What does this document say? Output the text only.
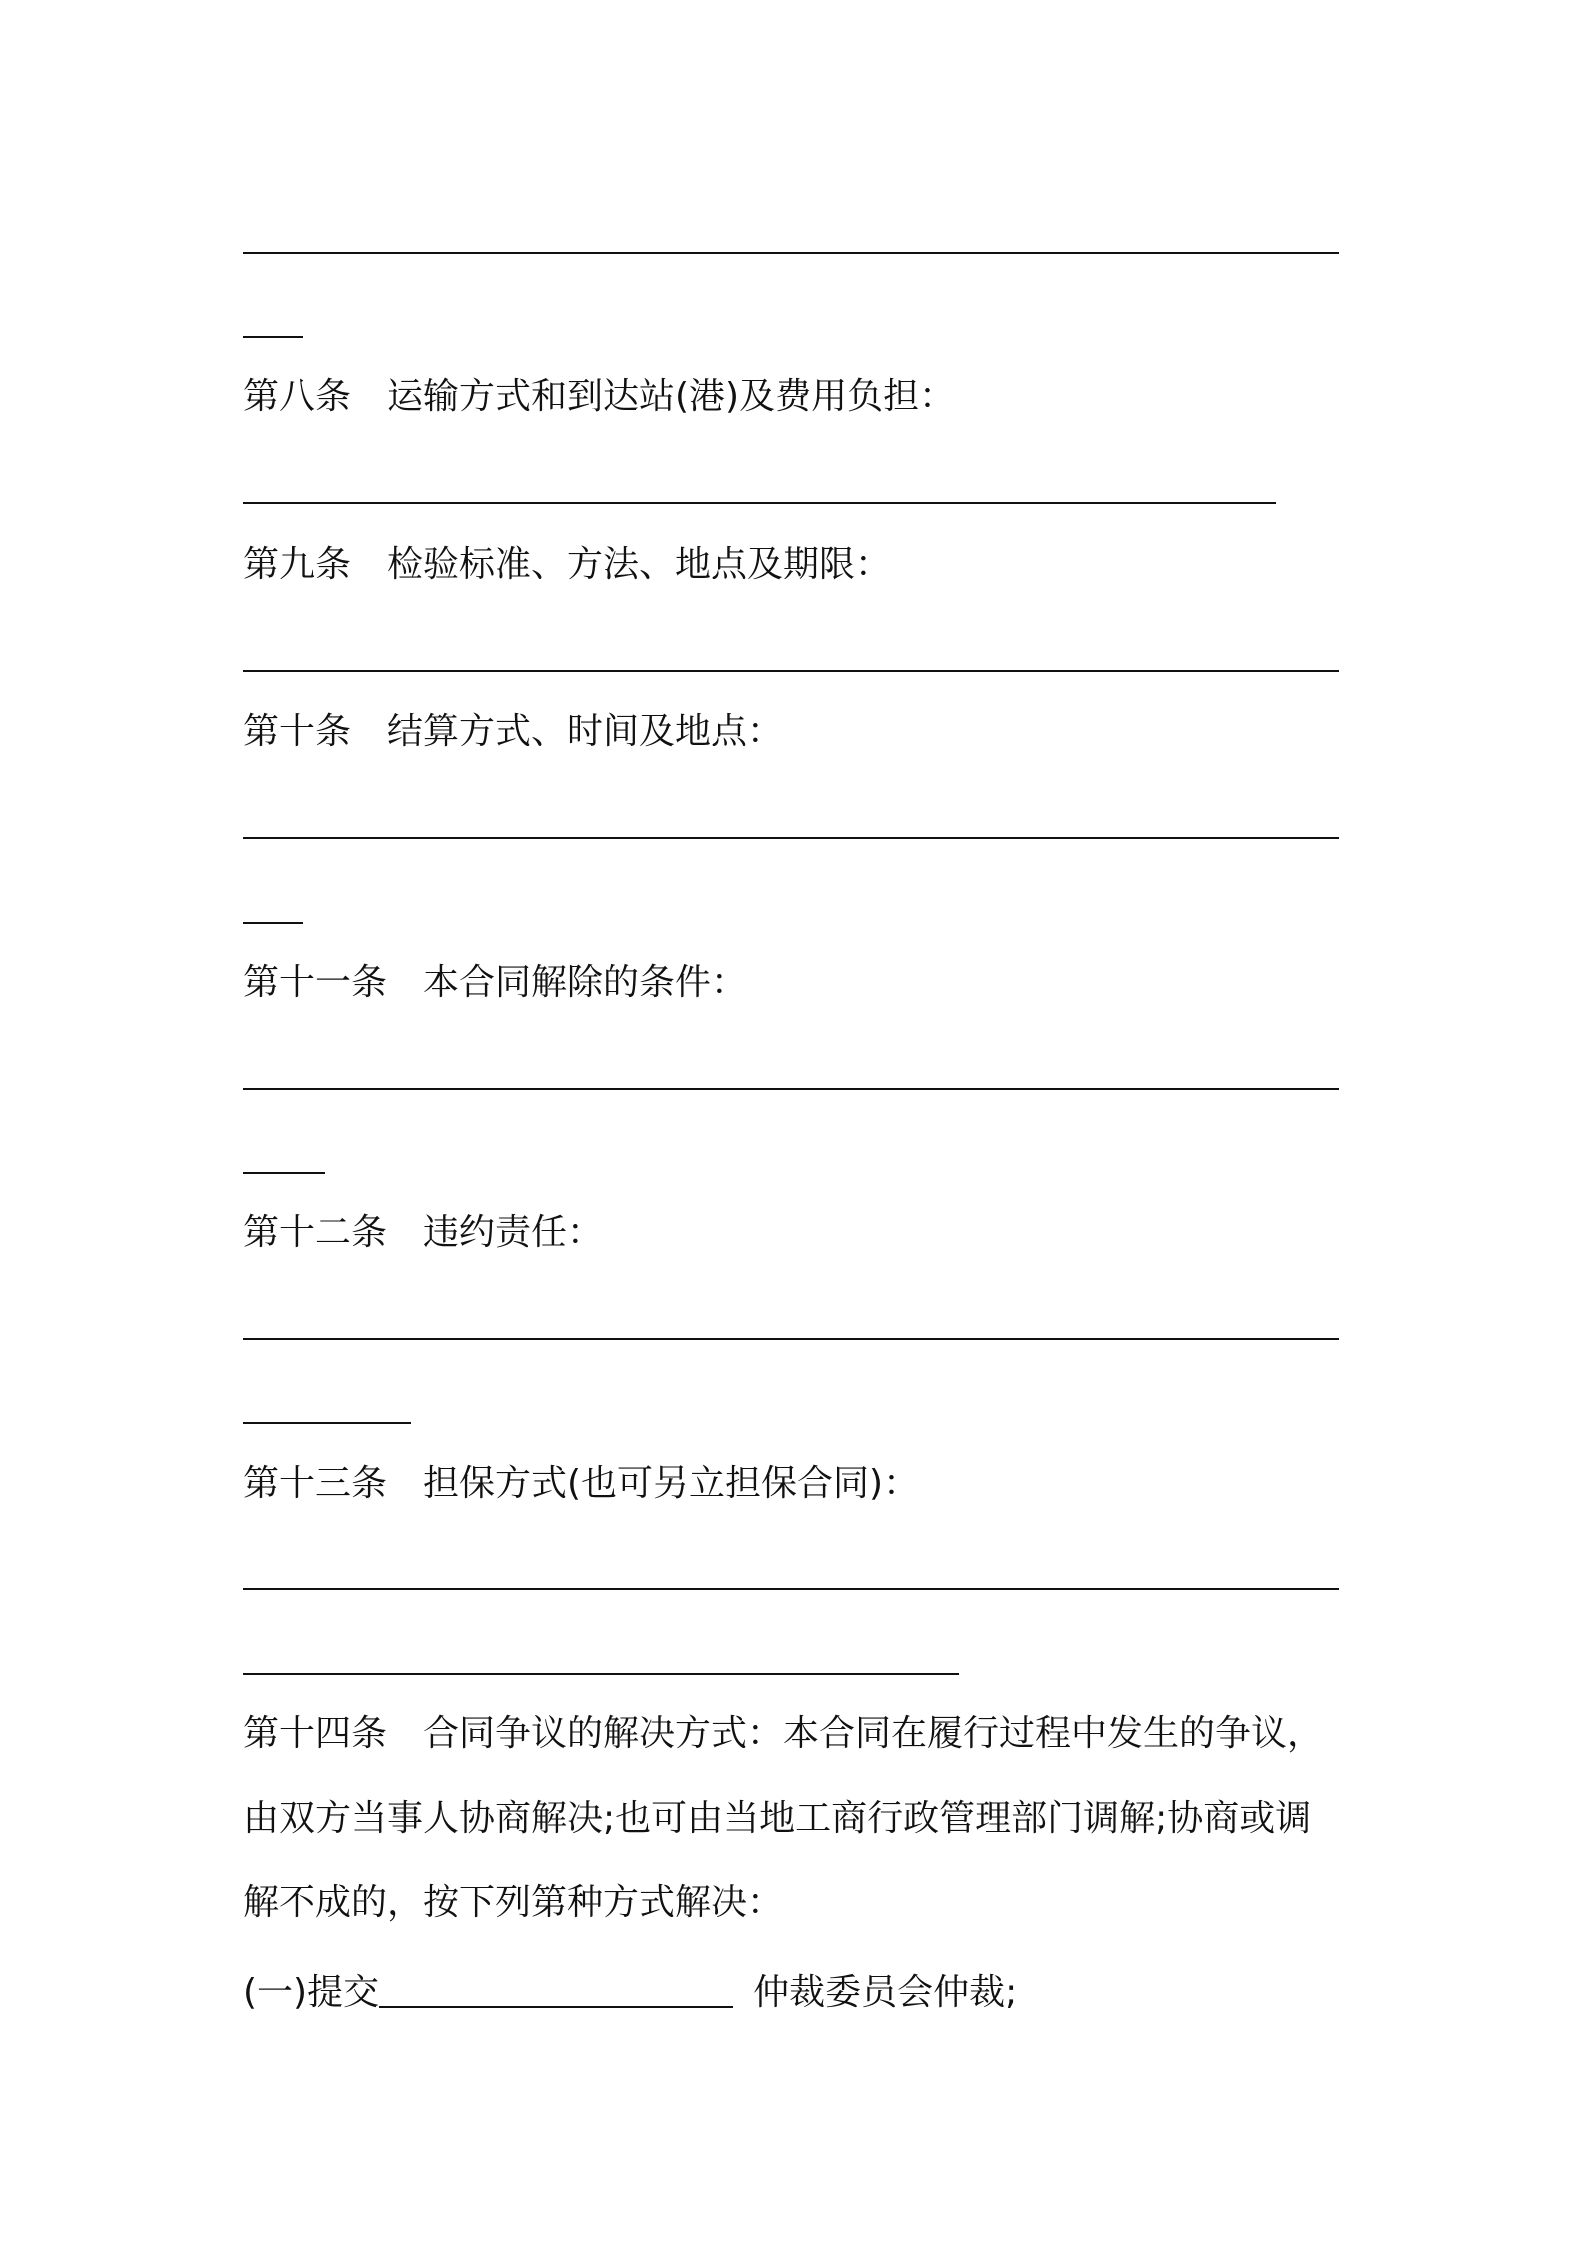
第八条 运输方式和到达站(港)及费用负担：

第九条 检验标准、方法、地点及期限：

第十条 结算方式、时间及地点：

第十一条 本合同解除的条件：

第十二条 违约责任：

第十三条 担保方式(也可另立担保合同)：

第十四条 合同争议的解决方式：本合同在履行过程中发生的争议，

由双方当事人协商解决;也可由当地工商行政管理部门调解;协商或调

解不成的，按下列第种方式解决：

(一)提交	仲裁委员会仲裁;
